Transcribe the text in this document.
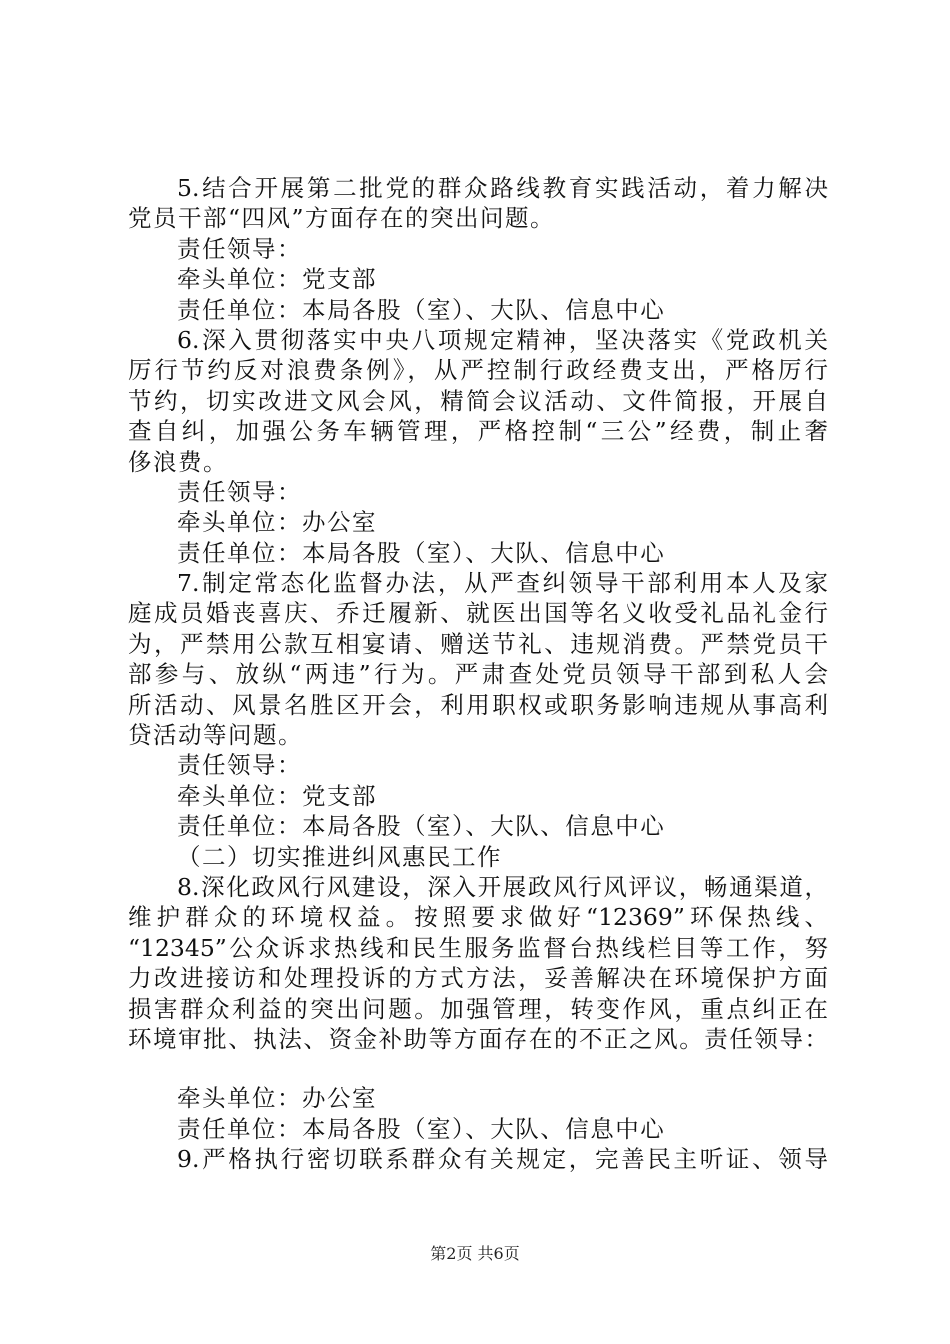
5.结合开展第二批党的群众路线教育实践活动，着力解决
党员干部“四风”方面存在的突出问题。
责任领导：
牵头单位：党支部
责任单位：本局各股（室）、大队、信息中心
6.深入贯彻落实中央八项规定精神，坚决落实《党政机关
厉行节约反对浪费条例》，从严控制行政经费支出，严格厉行
节约，切实改进文风会风，精简会议活动、文件简报，开展自
查自纠，加强公务车辆管理，严格控制“三公”经费，制止奢
侈浪费。
责任领导：
牵头单位：办公室
责任单位：本局各股（室）、大队、信息中心
7.制定常态化监督办法，从严查纠领导干部利用本人及家
庭成员婚丧喜庆、乔迁履新、就医出国等名义收受礼品礼金行
为，严禁用公款互相宴请、赠送节礼、违规消费。严禁党员干
部参与、放纵“两违”行为。严肃查处党员领导干部到私人会
所活动、风景名胜区开会，利用职权或职务影响违规从事高利
贷活动等问题。
责任领导：
牵头单位：党支部
责任单位：本局各股（室）、大队、信息中心
（二）切实推进纠风惠民工作
8.深化政风行风建设，深入开展政风行风评议，畅通渠道，
维护群众的环境权益。按照要求做好“12369”环保热线、
“12345”公众诉求热线和民生服务监督台热线栏目等工作，努
力改进接访和处理投诉的方式方法，妥善解决在环境保护方面
损害群众利益的突出问题。加强管理，转变作风，重点纠正在
环境审批、执法、资金补助等方面存在的不正之风。责任领导：
牵头单位：办公室
责任单位：本局各股（室）、大队、信息中心
9.严格执行密切联系群众有关规定，完善民主听证、领导
第2页 共6页
